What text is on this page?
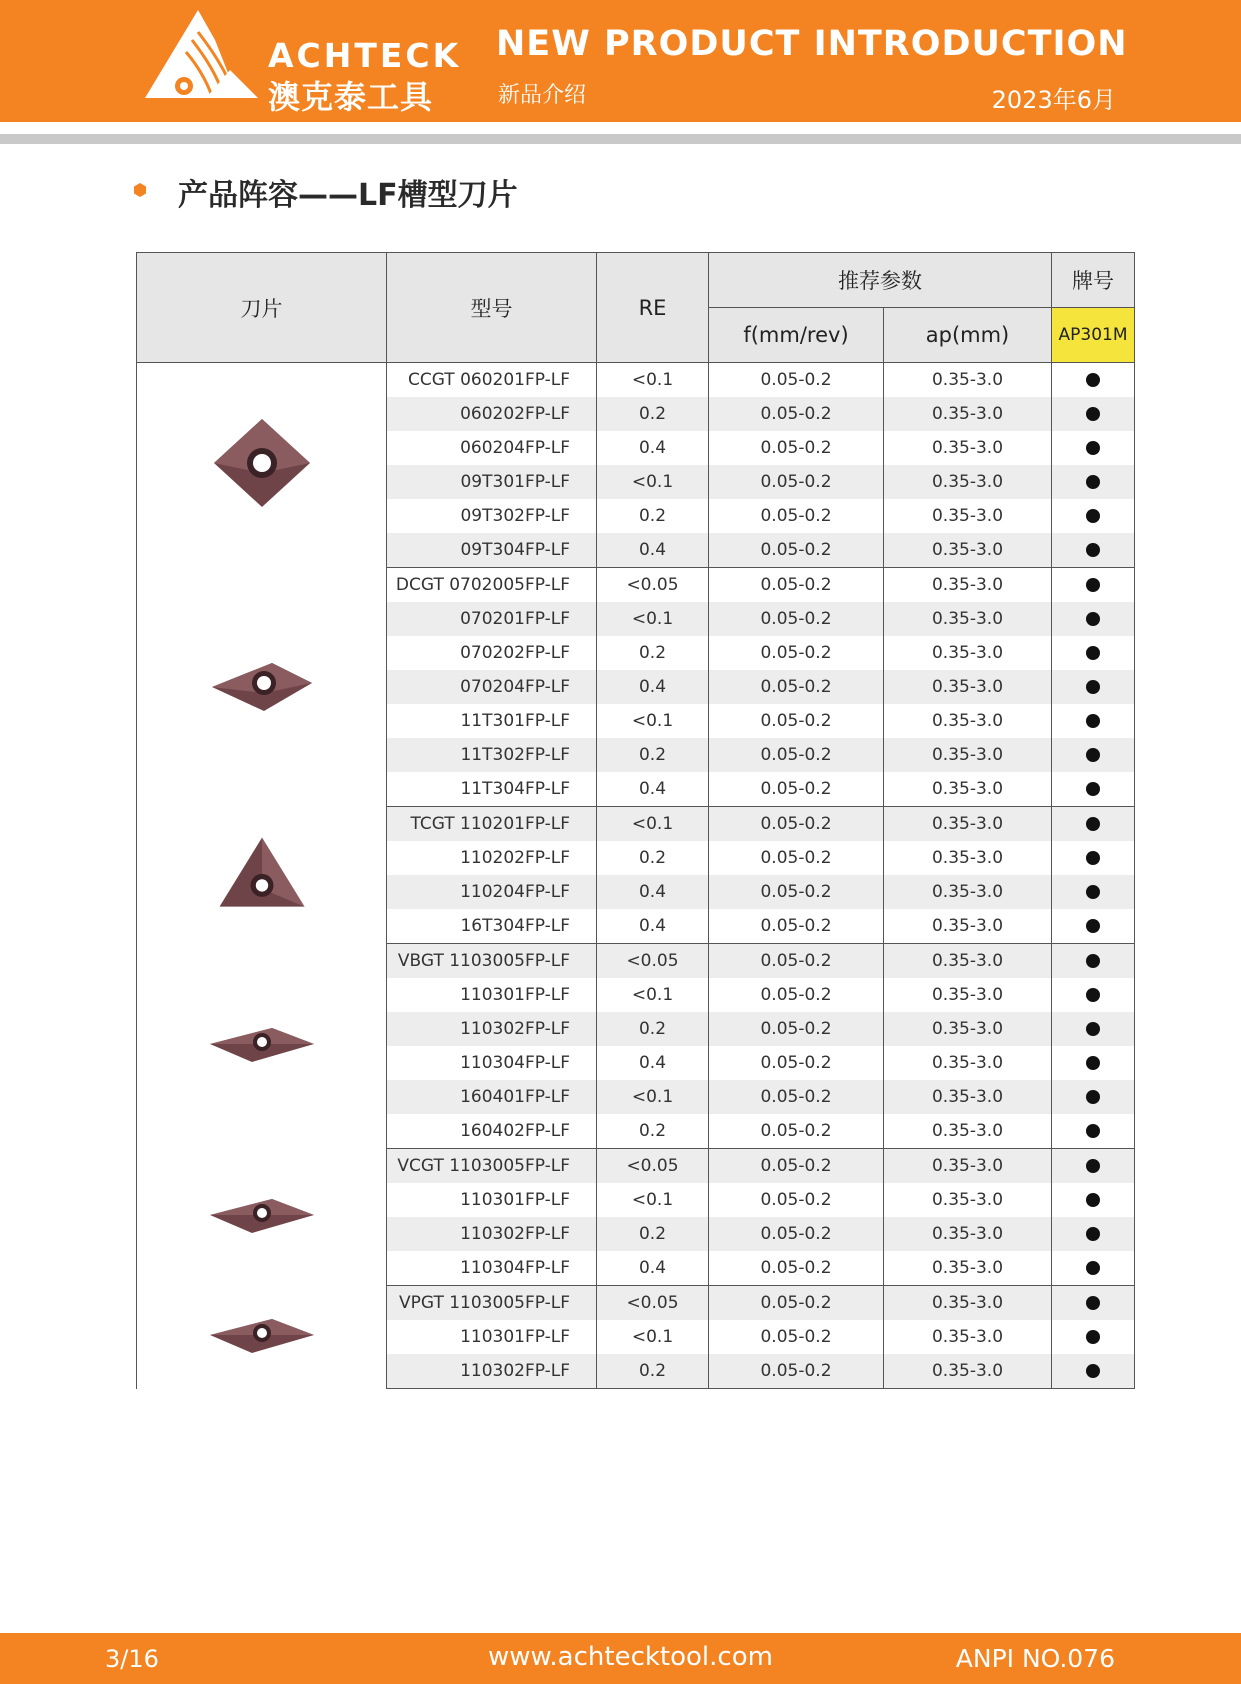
ACHTECK
澳克泰工具
NEW PRODUCT INTRODUCTION
新品介绍	2023年6月
产品阵容——LF槽型刀片
刀片	型号	RE	推荐参数		牌号
			f(mm/rev)	ap(mm)	AP301M
	CCGT 060201FP-LF	<0.1	0.05-0.2	0.35-3.0	
	060202FP-LF	0.2	0.05-0.2	0.35-3.0	
	060204FP-LF	0.4	0.05-0.2	0.35-3.0	
	09T301FP-LF	<0.1	0.05-0.2	0.35-3.0	
	09T302FP-LF	0.2	0.05-0.2	0.35-3.0	
	09T304FP-LF	0.4	0.05-0.2	0.35-3.0	
	DCGT 0702005FP-LF	<0.05	0.05-0.2	0.35-3.0	
	070201FP-LF	<0.1	0.05-0.2	0.35-3.0	
	070202FP-LF	0.2	0.05-0.2	0.35-3.0	
	070204FP-LF	0.4	0.05-0.2	0.35-3.0	
	11T301FP-LF	<0.1	0.05-0.2	0.35-3.0	
	11T302FP-LF	0.2	0.05-0.2	0.35-3.0	
	11T304FP-LF	0.4	0.05-0.2	0.35-3.0	
	TCGT 110201FP-LF	<0.1	0.05-0.2	0.35-3.0	
	110202FP-LF	0.2	0.05-0.2	0.35-3.0	
	110204FP-LF	0.4	0.05-0.2	0.35-3.0	
	16T304FP-LF	0.4	0.05-0.2	0.35-3.0	
	VBGT 1103005FP-LF	<0.05	0.05-0.2	0.35-3.0	
	110301FP-LF	<0.1	0.05-0.2	0.35-3.0	
	110302FP-LF	0.2	0.05-0.2	0.35-3.0	
	110304FP-LF	0.4	0.05-0.2	0.35-3.0	
	160401FP-LF	<0.1	0.05-0.2	0.35-3.0	
	160402FP-LF	0.2	0.05-0.2	0.35-3.0	
	VCGT 1103005FP-LF	<0.05	0.05-0.2	0.35-3.0	
	110301FP-LF	<0.1	0.05-0.2	0.35-3.0	
	110302FP-LF	0.2	0.05-0.2	0.35-3.0	
	110304FP-LF	0.4	0.05-0.2	0.35-3.0	
	VPGT 1103005FP-LF	<0.05	0.05-0.2	0.35-3.0	
	110301FP-LF	<0.1	0.05-0.2	0.35-3.0	
	110302FP-LF	0.2	0.05-0.2	0.35-3.0	
3/16	www.achtecktool.com	ANPI NO.076
